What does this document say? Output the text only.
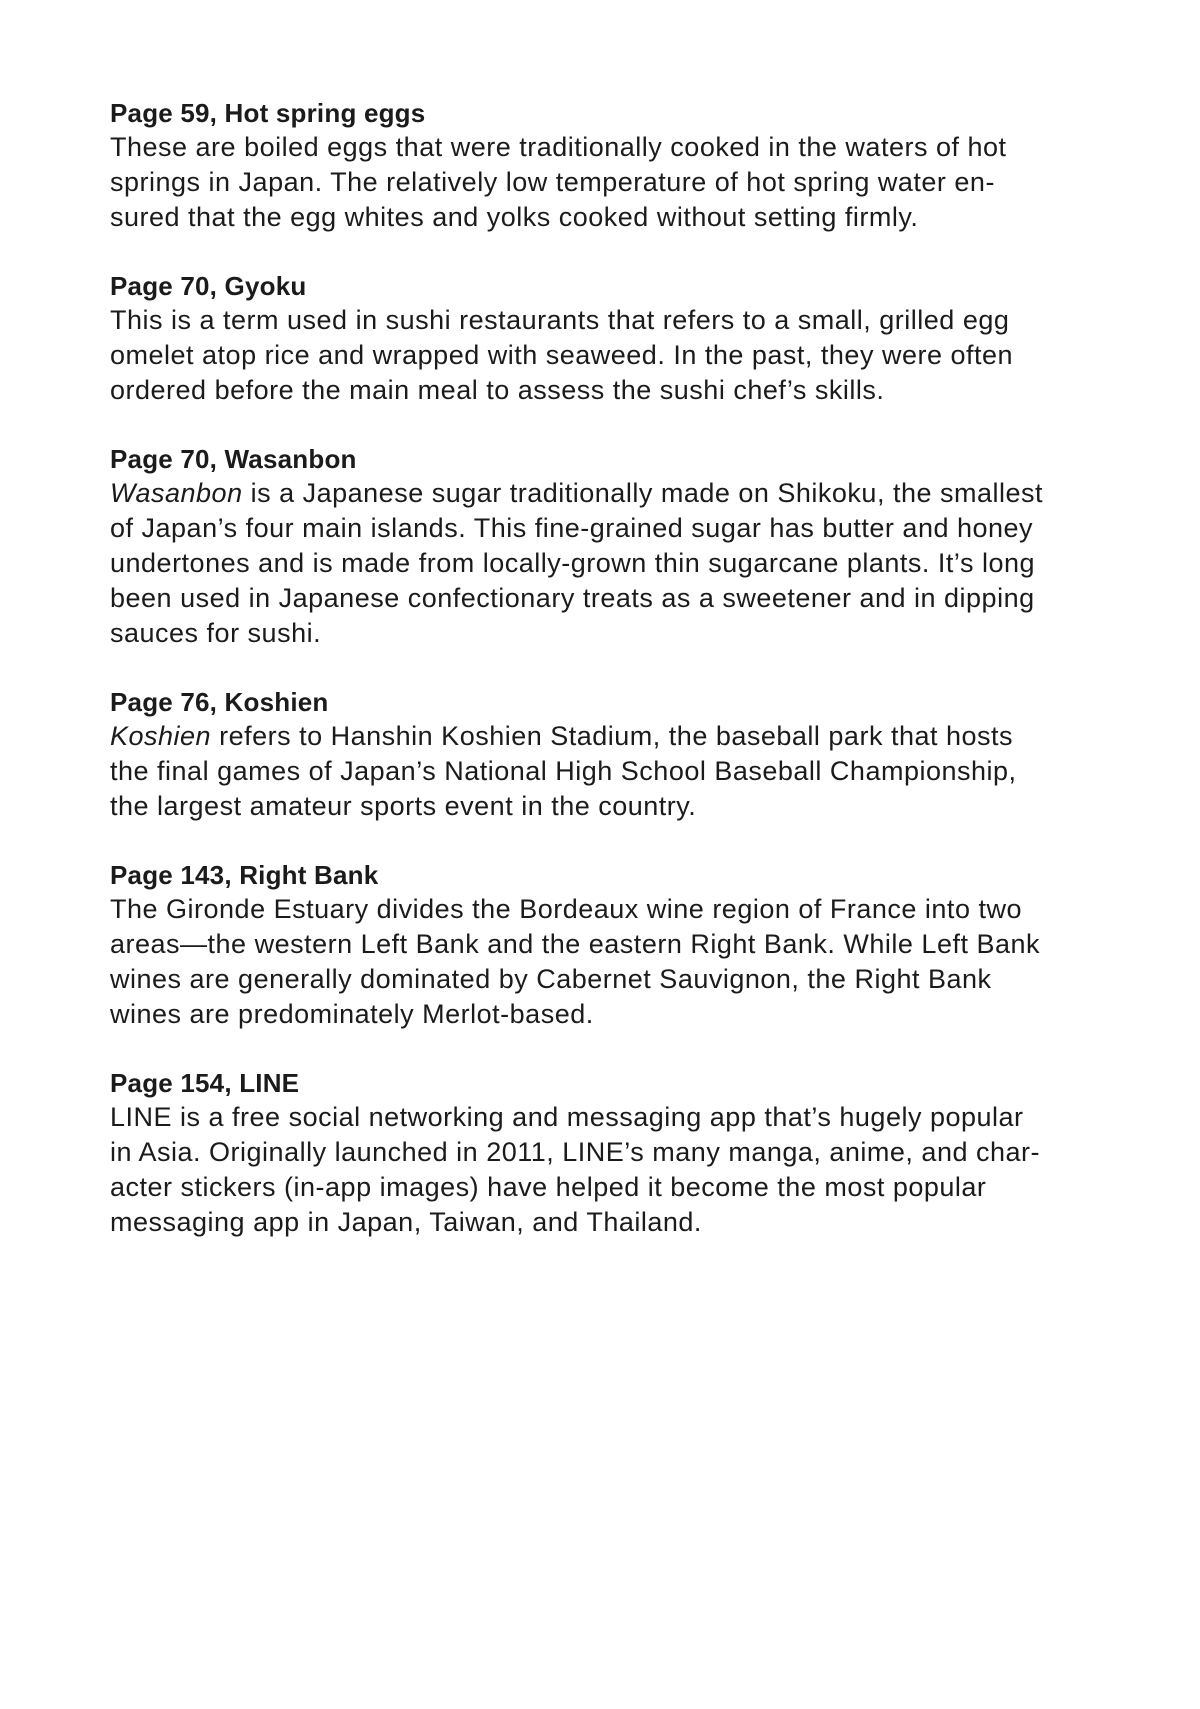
Page 59, Hot spring eggs
These are boiled eggs that were traditionally cooked in the waters of hot
springs in Japan. The relatively low temperature of hot spring water en-
sured that the egg whites and yolks cooked without setting firmly.
Page 70, Gyoku
This is a term used in sushi restaurants that refers to a small, grilled egg
omelet atop rice and wrapped with seaweed. In the past, they were often
ordered before the main meal to assess the sushi chef’s skills.
Page 70, Wasanbon
Wasanbon is a Japanese sugar traditionally made on Shikoku, the smallest
of Japan’s four main islands. This fine-grained sugar has butter and honey
undertones and is made from locally-grown thin sugarcane plants. It’s long
been used in Japanese confectionary treats as a sweetener and in dipping
sauces for sushi.
Page 76, Koshien
Koshien refers to Hanshin Koshien Stadium, the baseball park that hosts
the final games of Japan’s National High School Baseball Championship,
the largest amateur sports event in the country.
Page 143, Right Bank
The Gironde Estuary divides the Bordeaux wine region of France into two
areas—the western Left Bank and the eastern Right Bank. While Left Bank
wines are generally dominated by Cabernet Sauvignon, the Right Bank
wines are predominately Merlot-based.
Page 154, LINE
LINE is a free social networking and messaging app that’s hugely popular
in Asia. Originally launched in 2011, LINE’s many manga, anime, and char-
acter stickers (in-app images) have helped it become the most popular
messaging app in Japan, Taiwan, and Thailand.
